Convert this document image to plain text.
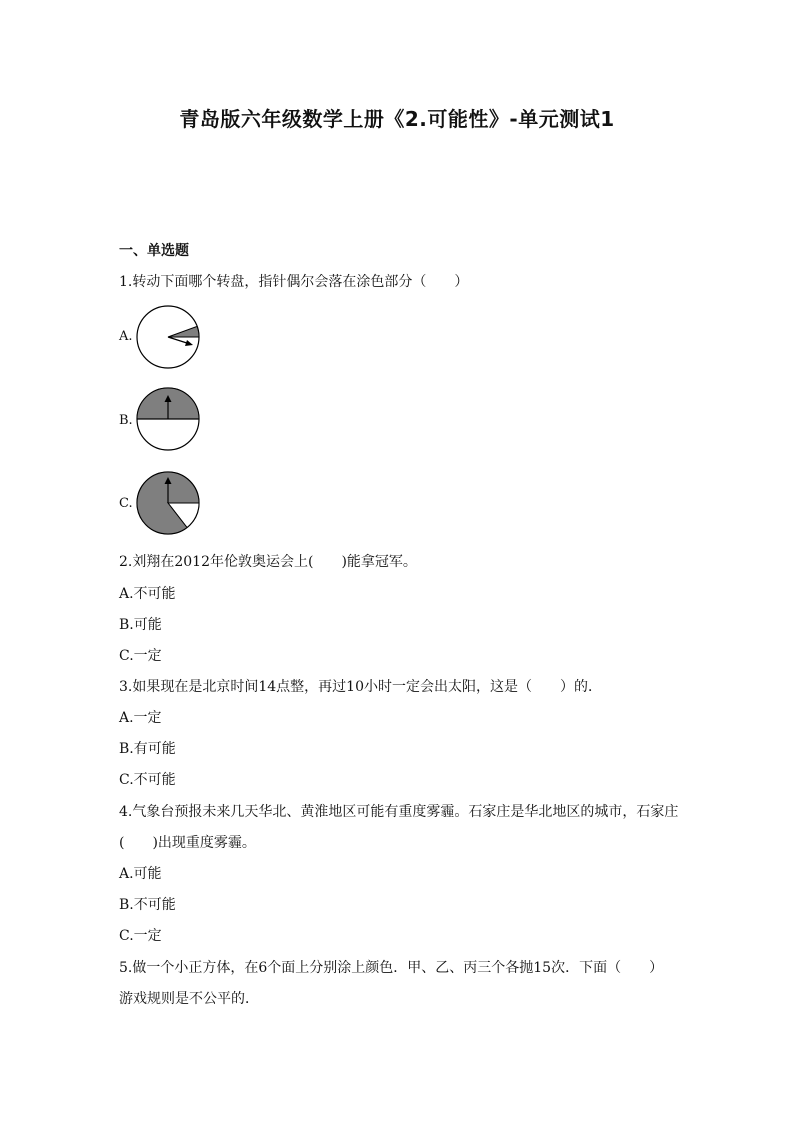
青岛版六年级数学上册《2.可能性》-单元测试1
一、单选题
1.转动下面哪个转盘，指针偶尔会落在涂色部分（　　）
A.
B.
C.
2.刘翔在2012年伦敦奥运会上(　　)能拿冠军。
A.不可能
B.可能
C.一定
3.如果现在是北京时间14点整，再过10小时一定会出太阳，这是（　　）的．
A.一定
B.有可能
C.不可能
4.气象台预报未来几天华北、黄淮地区可能有重度雾霾。石家庄是华北地区的城市，石家庄
(　　)出现重度雾霾。
A.可能
B.不可能
C.一定
5.做一个小正方体，在6个面上分别涂上颜色．甲、乙、丙三个各抛15次．下面（　　）
游戏规则是不公平的．
